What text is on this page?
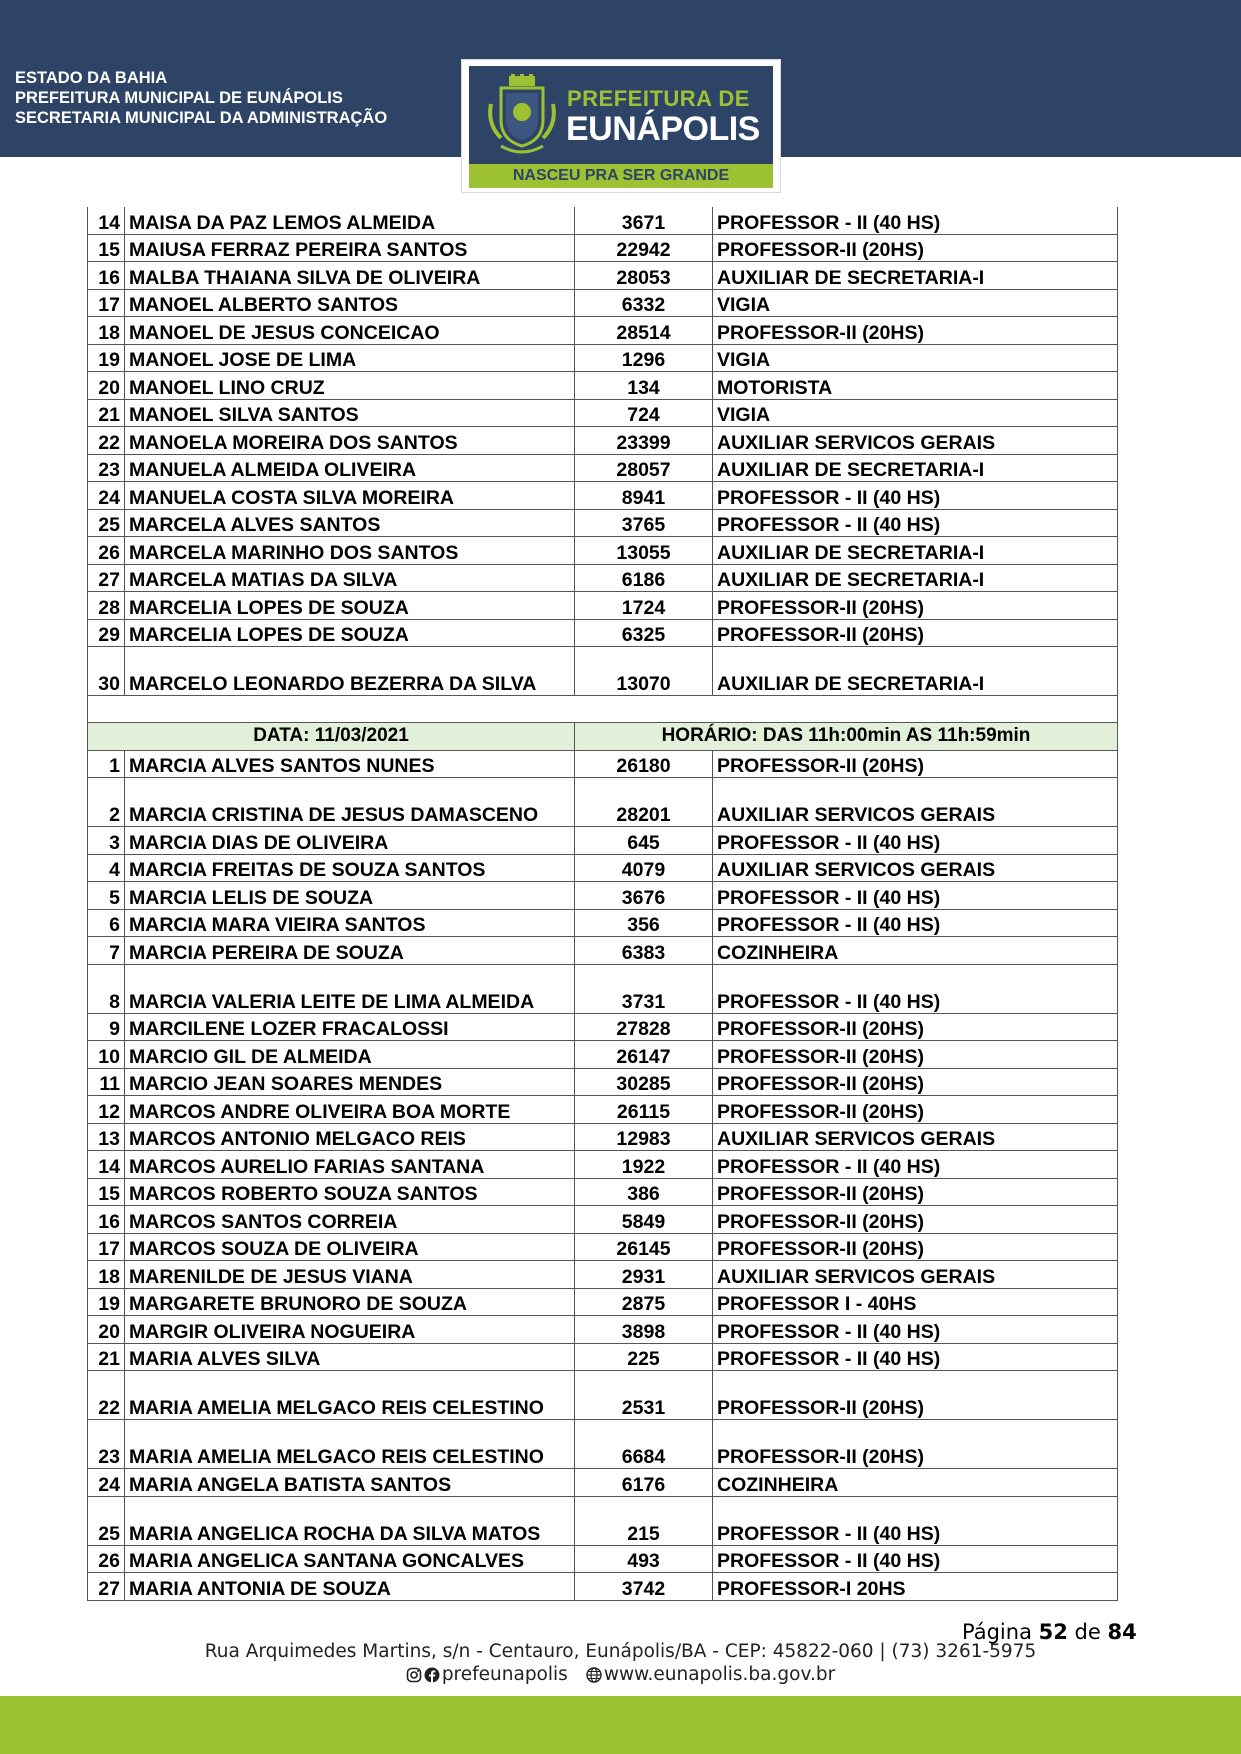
ESTADO DA BAHIA
PREFEITURA MUNICIPAL DE EUNÁPOLIS
SECRETARIA MUNICIPAL DA ADMINISTRAÇÃO
PREFEITURA DE
EUNÁPOLIS
NASCEU PRA SER GRANDE
14	MAISA DA PAZ LEMOS ALMEIDA	3671	PROFESSOR - II (40 HS)
15	MAIUSA FERRAZ PEREIRA SANTOS	22942	PROFESSOR-II (20HS)
16	MALBA THAIANA SILVA DE OLIVEIRA	28053	AUXILIAR DE SECRETARIA-I
17	MANOEL ALBERTO SANTOS	6332	VIGIA
18	MANOEL DE JESUS CONCEICAO	28514	PROFESSOR-II (20HS)
19	MANOEL JOSE DE LIMA	1296	VIGIA
20	MANOEL LINO CRUZ	134	MOTORISTA
21	MANOEL SILVA SANTOS	724	VIGIA
22	MANOELA MOREIRA DOS SANTOS	23399	AUXILIAR SERVICOS GERAIS
23	MANUELA ALMEIDA OLIVEIRA	28057	AUXILIAR DE SECRETARIA-I
24	MANUELA COSTA SILVA MOREIRA	8941	PROFESSOR - II (40 HS)
25	MARCELA ALVES SANTOS	3765	PROFESSOR - II (40 HS)
26	MARCELA MARINHO DOS SANTOS	13055	AUXILIAR DE SECRETARIA-I
27	MARCELA MATIAS DA SILVA	6186	AUXILIAR DE SECRETARIA-I
28	MARCELIA LOPES DE SOUZA	1724	PROFESSOR-II (20HS)
29	MARCELIA LOPES DE SOUZA	6325	PROFESSOR-II (20HS)
30	MARCELO LEONARDO BEZERRA DA SILVA	13070	AUXILIAR DE SECRETARIA-I

DATA: 11/03/2021		HORÁRIO: DAS 11h:00min AS 11h:59min	
1	MARCIA ALVES SANTOS NUNES	26180	PROFESSOR-II (20HS)
2	MARCIA CRISTINA DE JESUS DAMASCENO	28201	AUXILIAR SERVICOS GERAIS
3	MARCIA DIAS DE OLIVEIRA	645	PROFESSOR - II (40 HS)
4	MARCIA FREITAS DE SOUZA SANTOS	4079	AUXILIAR SERVICOS GERAIS
5	MARCIA LELIS DE SOUZA	3676	PROFESSOR - II (40 HS)
6	MARCIA MARA VIEIRA SANTOS	356	PROFESSOR - II (40 HS)
7	MARCIA PEREIRA DE SOUZA	6383	COZINHEIRA
8	MARCIA VALERIA LEITE DE LIMA ALMEIDA	3731	PROFESSOR - II (40 HS)
9	MARCILENE LOZER FRACALOSSI	27828	PROFESSOR-II (20HS)
10	MARCIO GIL DE ALMEIDA	26147	PROFESSOR-II (20HS)
11	MARCIO JEAN SOARES MENDES	30285	PROFESSOR-II (20HS)
12	MARCOS ANDRE OLIVEIRA BOA MORTE	26115	PROFESSOR-II (20HS)
13	MARCOS ANTONIO MELGACO REIS	12983	AUXILIAR SERVICOS GERAIS
14	MARCOS AURELIO FARIAS SANTANA	1922	PROFESSOR - II (40 HS)
15	MARCOS ROBERTO SOUZA SANTOS	386	PROFESSOR-II (20HS)
16	MARCOS SANTOS CORREIA	5849	PROFESSOR-II (20HS)
17	MARCOS SOUZA DE OLIVEIRA	26145	PROFESSOR-II (20HS)
18	MARENILDE DE JESUS VIANA	2931	AUXILIAR SERVICOS GERAIS
19	MARGARETE BRUNORO DE SOUZA	2875	PROFESSOR I - 40HS
20	MARGIR OLIVEIRA NOGUEIRA	3898	PROFESSOR - II (40 HS)
21	MARIA ALVES SILVA	225	PROFESSOR - II (40 HS)
22	MARIA AMELIA MELGACO REIS CELESTINO	2531	PROFESSOR-II (20HS)
23	MARIA AMELIA MELGACO REIS CELESTINO	6684	PROFESSOR-II (20HS)
24	MARIA ANGELA BATISTA SANTOS	6176	COZINHEIRA
25	MARIA ANGELICA ROCHA DA SILVA MATOS	215	PROFESSOR - II (40 HS)
26	MARIA ANGELICA SANTANA GONCALVES	493	PROFESSOR - II (40 HS)
27	MARIA ANTONIA DE SOUZA	3742	PROFESSOR-I 20HS
Página 52 de 84
Rua Arquimedes Martins, s/n - Centauro, Eunápolis/BA - CEP: 45822-060 | (73) 3261-5975
prefeunapolis www.eunapolis.ba.gov.br
